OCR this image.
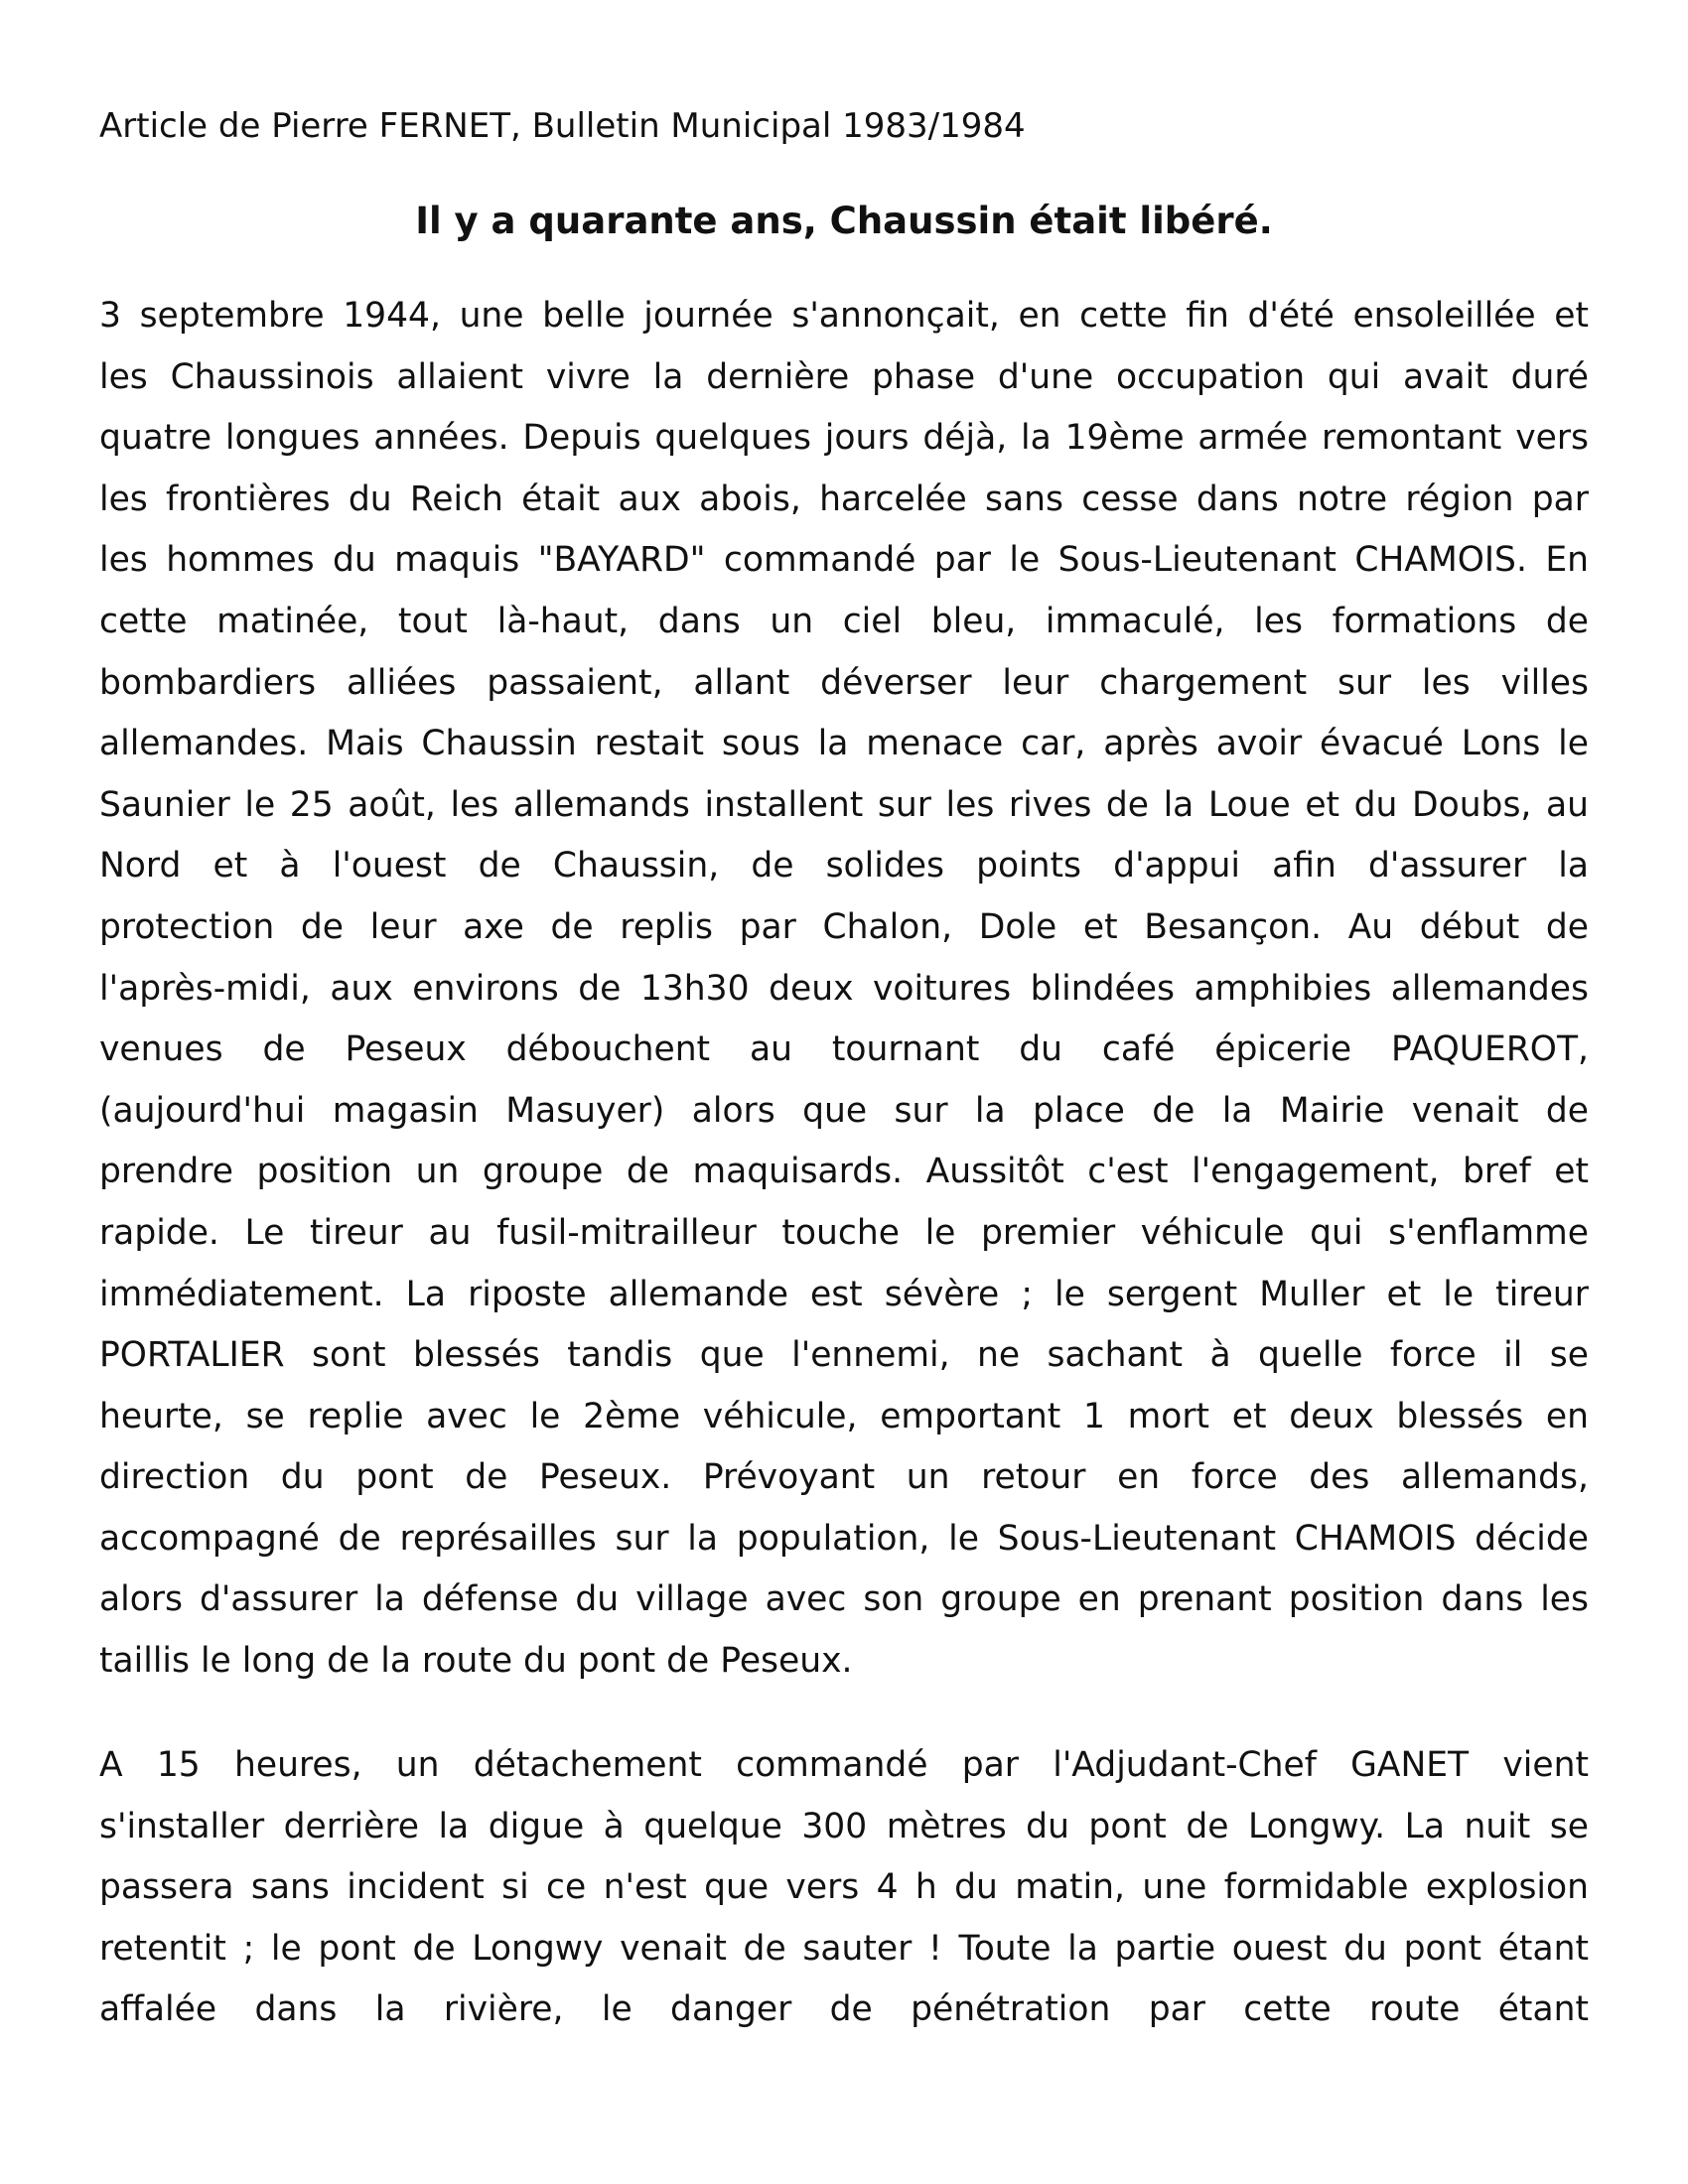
Article de Pierre FERNET, Bulletin Municipal 1983/1984
Il y a quarante ans, Chaussin était libéré.
3 septembre 1944, une belle journée s'annonçait, en cette fin d'été ensoleillée et
les Chaussinois allaient vivre la dernière phase d'une occupation qui avait duré
quatre longues années. Depuis quelques jours déjà, la 19ème armée remontant vers
les frontières du Reich était aux abois, harcelée sans cesse dans notre région par
les hommes du maquis "BAYARD" commandé par le Sous-Lieutenant CHAMOIS. En
cette matinée, tout là-haut, dans un ciel bleu, immaculé, les formations de
bombardiers alliées passaient, allant déverser leur chargement sur les villes
allemandes. Mais Chaussin restait sous la menace car, après avoir évacué Lons le
Saunier le 25 août, les allemands installent sur les rives de la Loue et du Doubs, au
Nord et à l'ouest de Chaussin, de solides points d'appui afin d'assurer la
protection de leur axe de replis par Chalon, Dole et Besançon. Au début de
l'après-midi, aux environs de 13h30 deux voitures blindées amphibies allemandes
venues de Peseux débouchent au tournant du café épicerie PAQUEROT,
(aujourd'hui magasin Masuyer) alors que sur la place de la Mairie venait de
prendre position un groupe de maquisards. Aussitôt c'est l'engagement, bref et
rapide. Le tireur au fusil-mitrailleur touche le premier véhicule qui s'enflamme
immédiatement. La riposte allemande est sévère ; le sergent Muller et le tireur
PORTALIER sont blessés tandis que l'ennemi, ne sachant à quelle force il se
heurte, se replie avec le 2ème véhicule, emportant 1 mort et deux blessés en
direction du pont de Peseux. Prévoyant un retour en force des allemands,
accompagné de représailles sur la population, le Sous-Lieutenant CHAMOIS décide
alors d'assurer la défense du village avec son groupe en prenant position dans les
taillis le long de la route du pont de Peseux.
A 15 heures, un détachement commandé par l'Adjudant-Chef GANET vient
s'installer derrière la digue à quelque 300 mètres du pont de Longwy. La nuit se
passera sans incident si ce n'est que vers 4 h du matin, une formidable explosion
retentit ; le pont de Longwy venait de sauter ! Toute la partie ouest du pont étant
affalée dans la rivière, le danger de pénétration par cette route étant
